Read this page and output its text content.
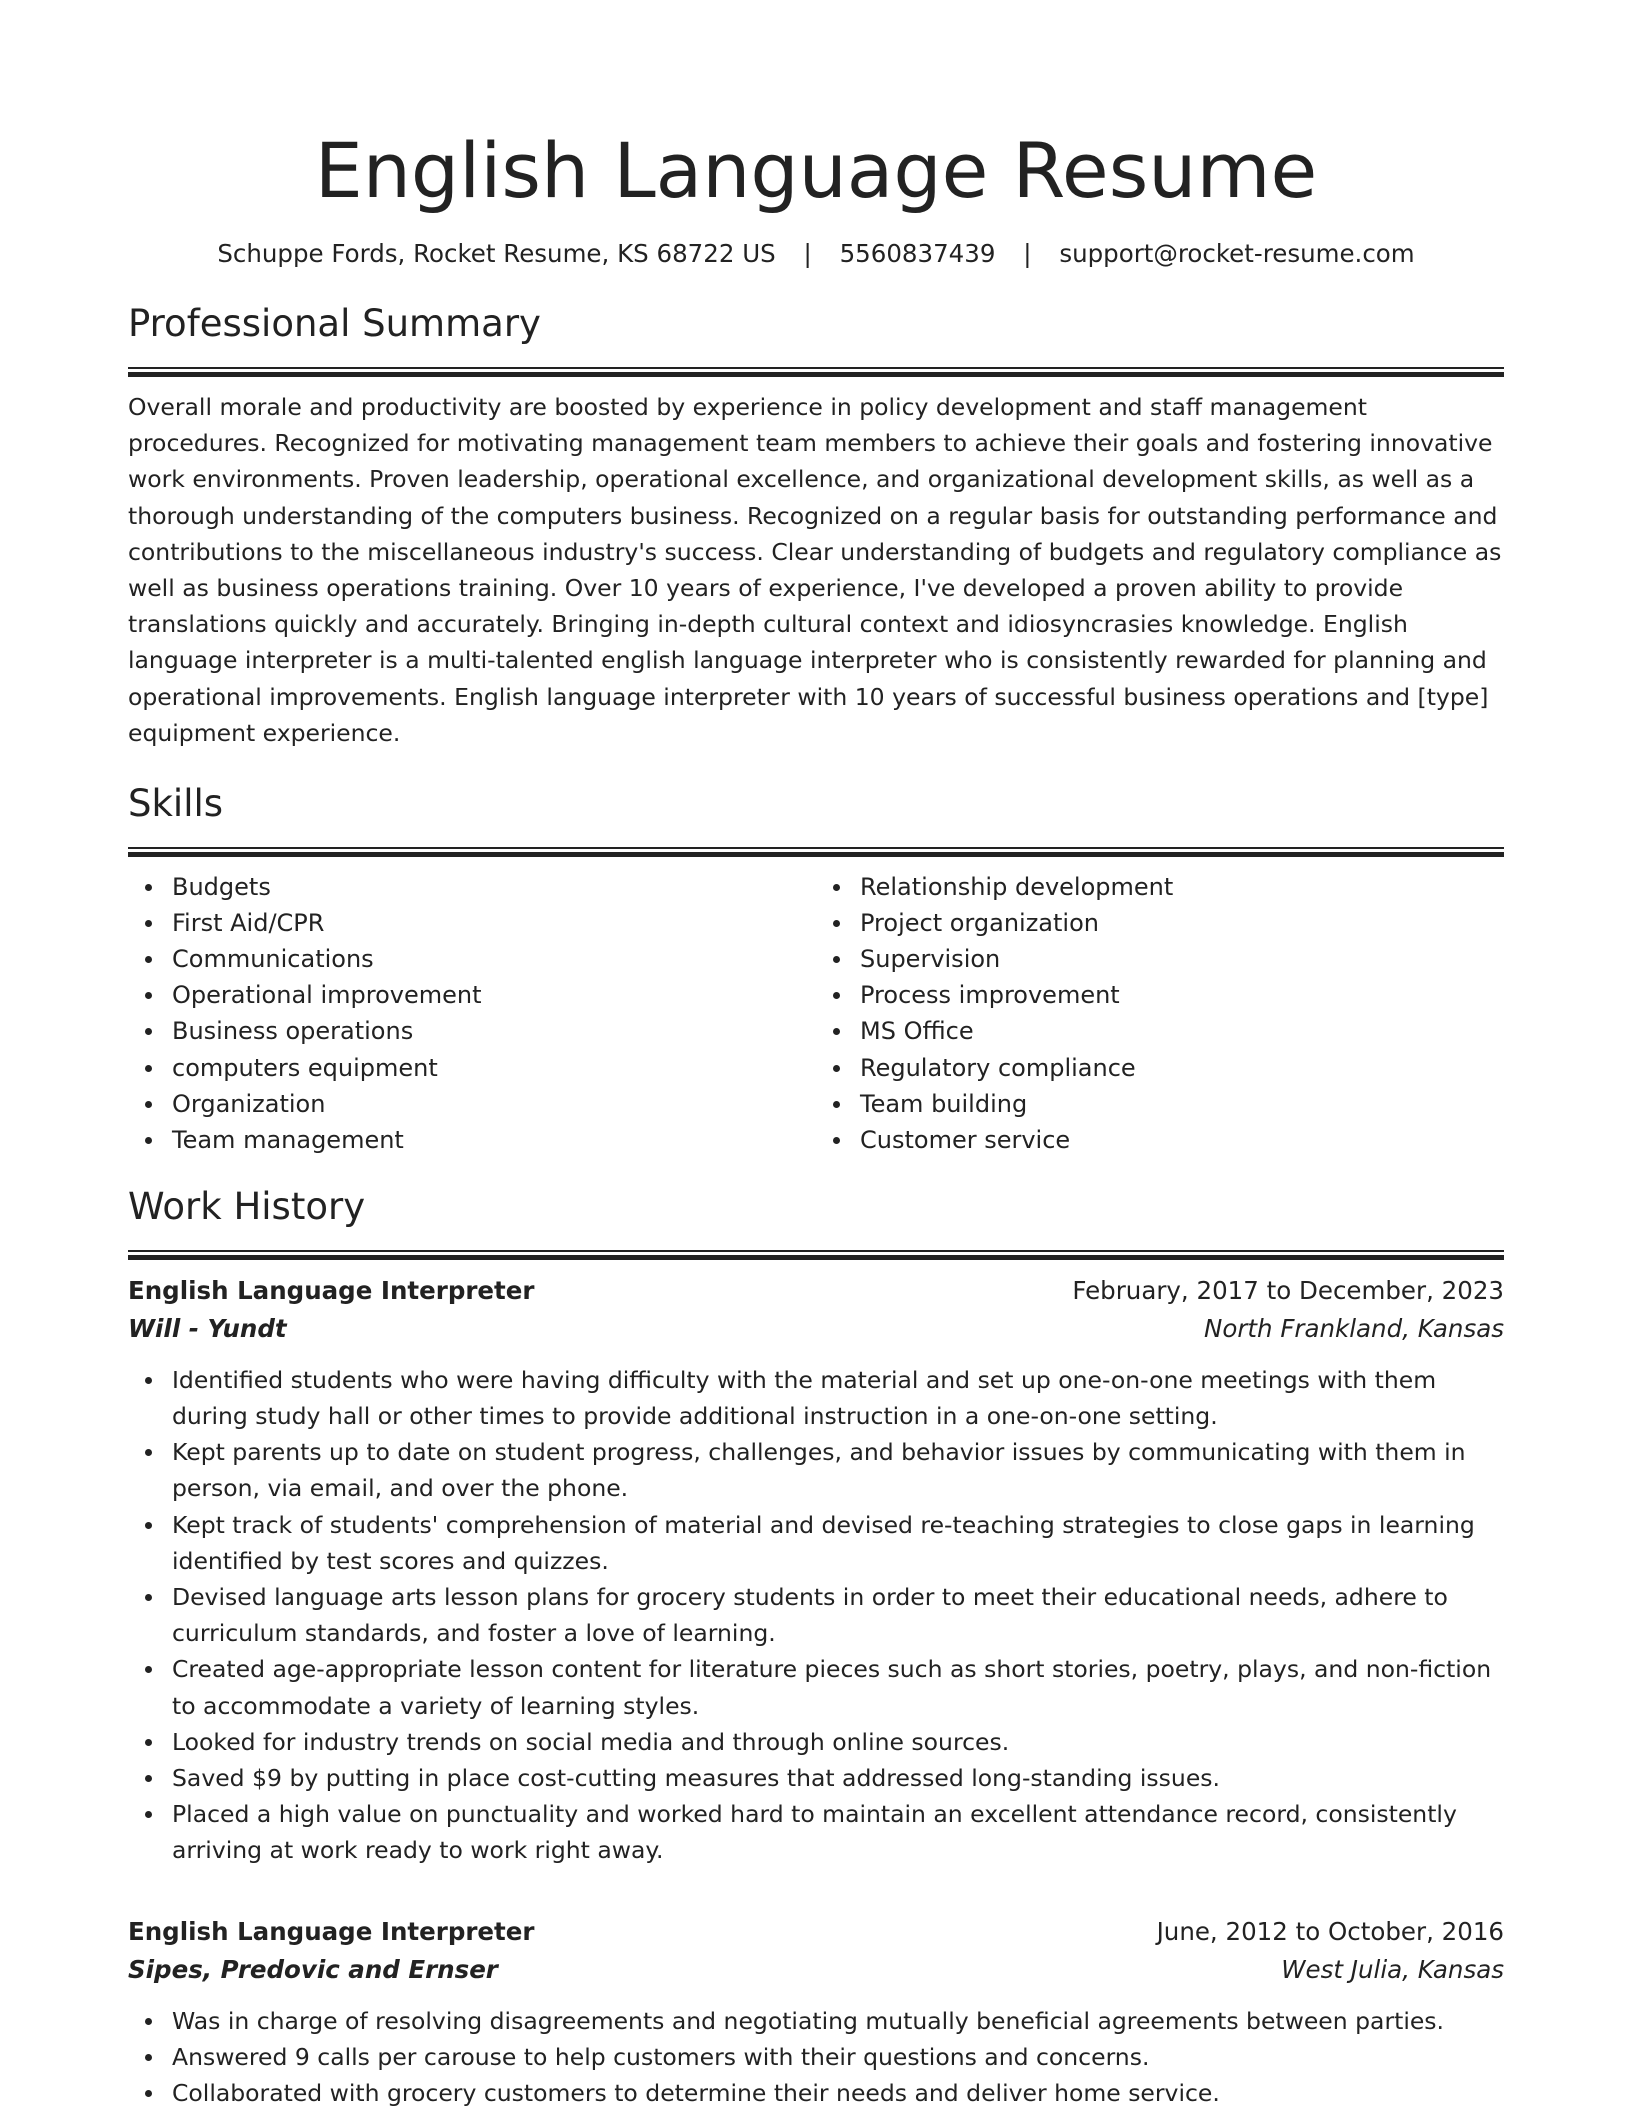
English Language Resume
Schuppe Fords, Rocket Resume, KS 68722 US | 5560837439 | support@rocket-resume.com
Professional Summary

Overall morale and productivity are boosted by experience in policy development and staff management procedures. Recognized for motivating management team members to achieve their goals and fostering innovative work environments. Proven leadership, operational excellence, and organizational development skills, as well as a thorough understanding of the computers business. Recognized on a regular basis for outstanding performance and contributions to the miscellaneous industry's success. Clear understanding of budgets and regulatory compliance as well as business operations training. Over 10 years of experience, I've developed a proven ability to provide translations quickly and accurately. Bringing in-depth cultural context and idiosyncrasies knowledge. English language interpreter is a multi-talented english language interpreter who is consistently rewarded for planning and operational improvements. English language interpreter with 10 years of successful business operations and [type] equipment experience.

Skills
Budgets
First Aid/CPR
Communications
Operational improvement
Business operations
computers equipment
Organization
Team management
Relationship development
Project organization
Supervision
Process improvement
MS Office
Regulatory compliance
Team building
Customer service
Work History
English Language Interpreter	February, 2017 to December, 2023
Will - Yundt	North Frankland, Kansas
Identified students who were having difficulty with the material and set up one-on-one meetings with them during study hall or other times to provide additional instruction in a one-on-one setting.
Kept parents up to date on student progress, challenges, and behavior issues by communicating with them in person, via email, and over the phone.
Kept track of students' comprehension of material and devised re-teaching strategies to close gaps in learning identified by test scores and quizzes.
Devised language arts lesson plans for grocery students in order to meet their educational needs, adhere to curriculum standards, and foster a love of learning.
Created age-appropriate lesson content for literature pieces such as short stories, poetry, plays, and non-fiction to accommodate a variety of learning styles.
Looked for industry trends on social media and through online sources.
Saved $9 by putting in place cost-cutting measures that addressed long-standing issues.
Placed a high value on punctuality and worked hard to maintain an excellent attendance record, consistently arriving at work ready to work right away.
English Language Interpreter	June, 2012 to October, 2016
Sipes, Predovic and Ernser	West Julia, Kansas
Was in charge of resolving disagreements and negotiating mutually beneficial agreements between parties.
Answered 9 calls per carouse to help customers with their questions and concerns.
Collaborated with grocery customers to determine their needs and deliver home service.
